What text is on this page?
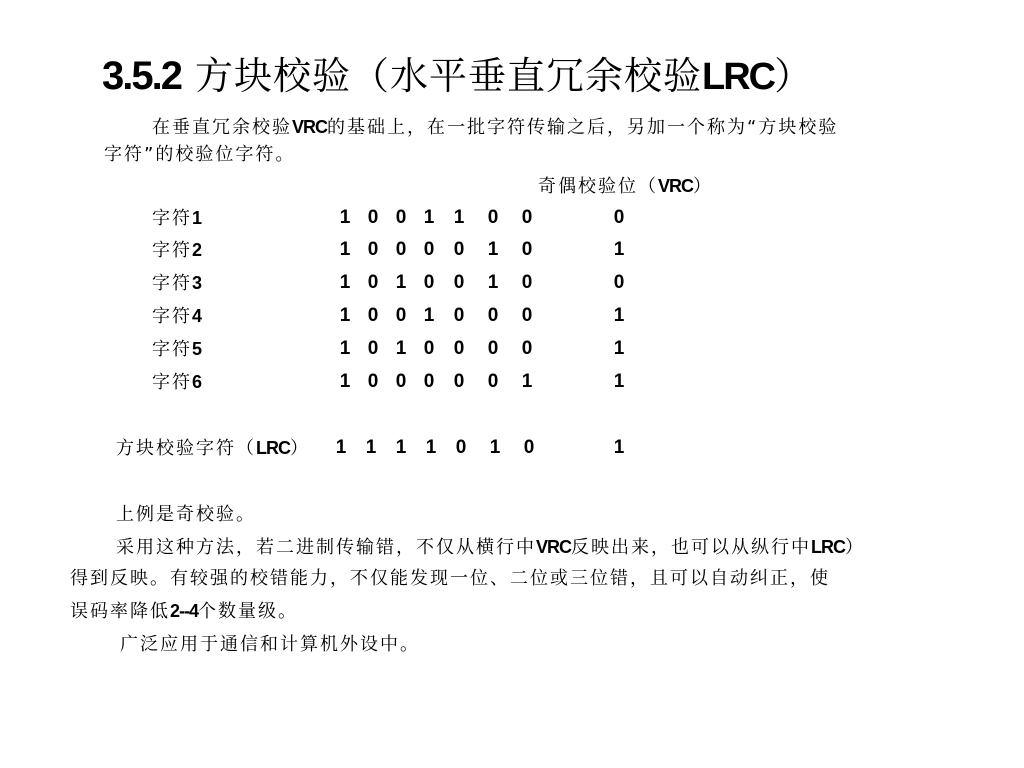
3.5.2 方块校验（水平垂直冗余校验LRC）
在垂直冗余校验VRC的基础上，在一批字符传输之后，另加一个称为“方块校验
字符”的校验位字符。
奇偶校验位（VRC）
字符1	1 0 0 1 1 0 0	0
字符2	1 0 0 0 0 1 0	1
字符3	1 0 1 0 0 1 0	0
字符4	1 0 0 1 0 0 0	1
字符5	1 0 1 0 0 0 0	1
字符6	1 0 0 0 0 0 1	1
方块校验字符（LRC） 1 1 1 1 0 1 0	1
上例是奇校验。
采用这种方法，若二进制传输错，不仅从横行中VRC反映出来，也可以从纵行中LRC）
得到反映。有较强的校错能力，不仅能发现一位、二位或三位错，且可以自动纠正，使
误码率降低2--4个数量级。
广泛应用于通信和计算机外设中。
